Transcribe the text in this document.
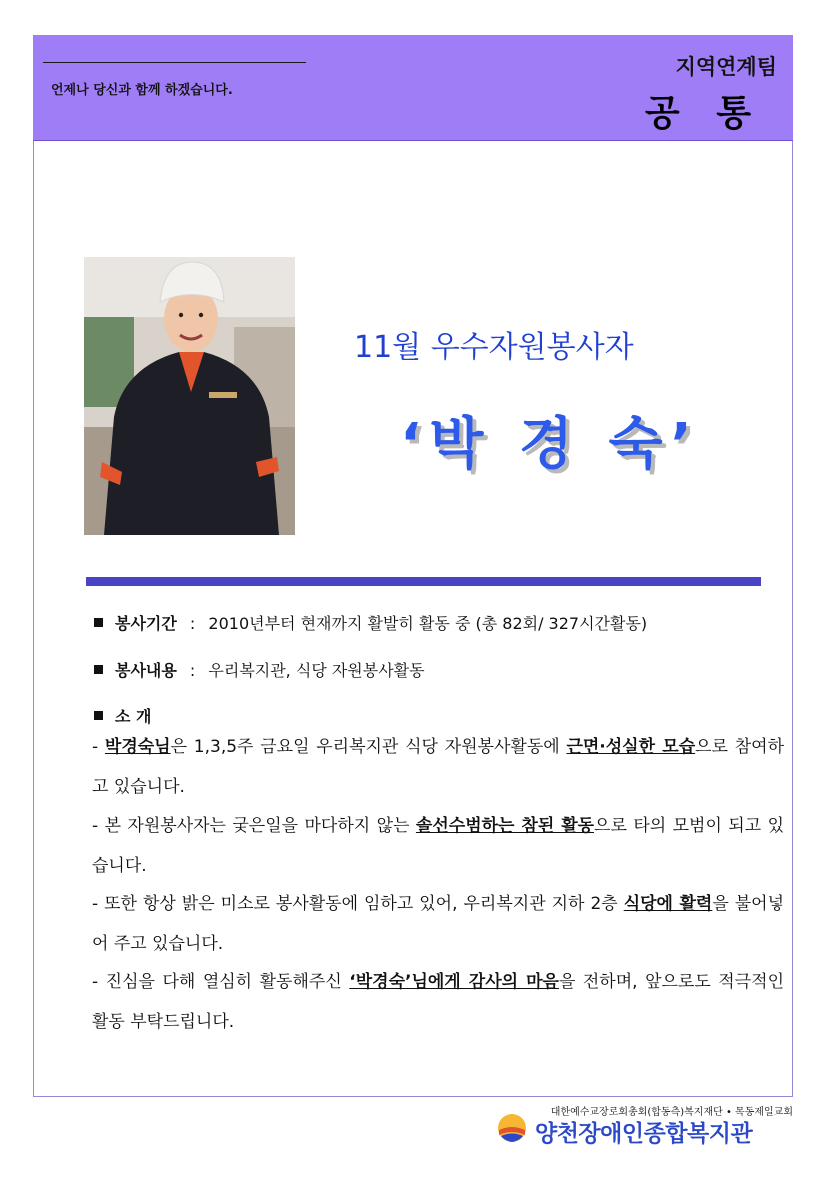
언제나 당신과 함께 하겠습니다.
지역연계팀
공 통
11월 우수자원봉사자
‘박 경 숙’
봉사기간 : 2010년부터 현재까지 활발히 활동 중 (총 82회/ 327시간활동)
봉사내용 : 우리복지관, 식당 자원봉사활동
소 개
- 박경숙님은 1,3,5주 금요일 우리복지관 식당 자원봉사활동에 근면·성실한 모습으로 참여하고 있습니다.
- 본 자원봉사자는 궂은일을 마다하지 않는 솔선수범하는 참된 활동으로 타의 모범이 되고 있습니다.
- 또한 항상 밝은 미소로 봉사활동에 임하고 있어, 우리복지관 지하 2층 식당에 활력을 불어넣어 주고 있습니다.
- 진심을 다해 열심히 활동해주신 ‘박경숙’님에게 감사의 마음을 전하며, 앞으로도 적극적인 활동 부탁드립니다.
대한예수교장로회총회(합동측)복지재단 • 목동제일교회
양천장애인종합복지관
